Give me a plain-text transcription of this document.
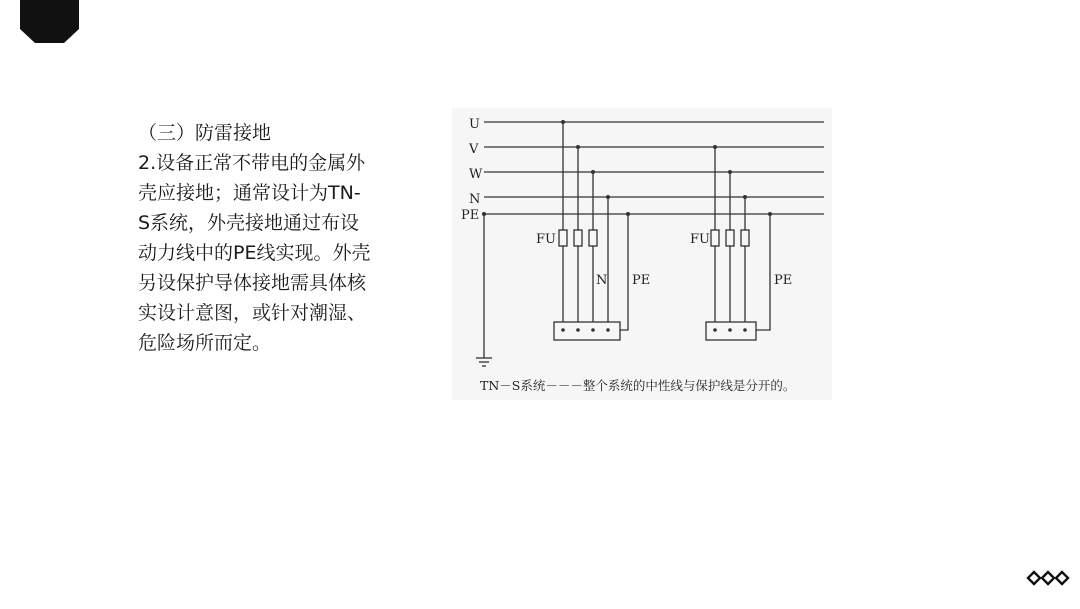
（三）防雷接地
2.设备正常不带电的金属外
壳应接地；通常设计为TN-
S系统，外壳接地通过布设
动力线中的PE线实现。外壳
另设保护导体接地需具体核
实设计意图，或针对潮湿、
危险场所而定。
U
V
W
N
PE
FU
N PE
FU
PE
TN－S系统－－－整个系统的中性线与保护线是分开的。
